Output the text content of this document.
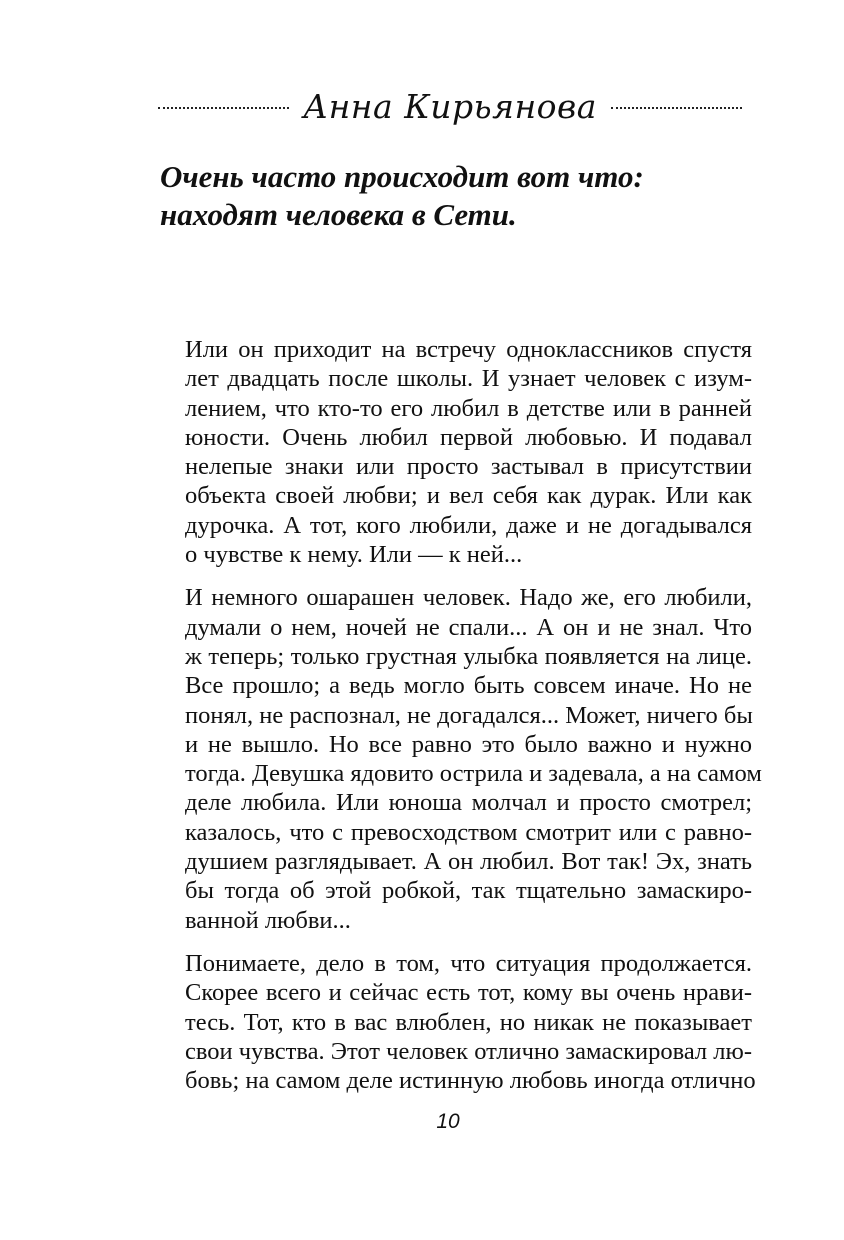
Анна Кирьянова
Очень часто происходит вот что:
находят человека в Сети.

Или он приходит на встречу одноклассников спустя
лет двадцать после школы. И узнает человек с изум-
лением, что кто-то его любил в детстве или в ранней
юности. Очень любил первой любовью. И подавал
нелепые знаки или просто застывал в присутствии
объекта своей любви; и вел себя как дурак. Или как
дурочка. А тот, кого любили, даже и не догадывался
о чувстве к нему. Или — к ней...

И немного ошарашен человек. Надо же, его любили,
думали о нем, ночей не спали... А он и не знал. Что
ж теперь; только грустная улыбка появляется на лице.
Все прошло; а ведь могло быть совсем иначе. Но не
понял, не распознал, не догадался... Может, ничего бы
и не вышло. Но все равно это было важно и нужно
тогда. Девушка ядовито острила и задевала, а на самом
деле любила. Или юноша молчал и просто смотрел;
казалось, что с превосходством смотрит или с равно-
душием разглядывает. А он любил. Вот так! Эх, знать
бы тогда об этой робкой, так тщательно замаскиро-
ванной любви...

Понимаете, дело в том, что ситуация продолжается.
Скорее всего и сейчас есть тот, кому вы очень нрави-
тесь. Тот, кто в вас влюблен, но никак не показывает
свои чувства. Этот человек отлично замаскировал лю-
бовь; на самом деле истинную любовь иногда отлично

10
